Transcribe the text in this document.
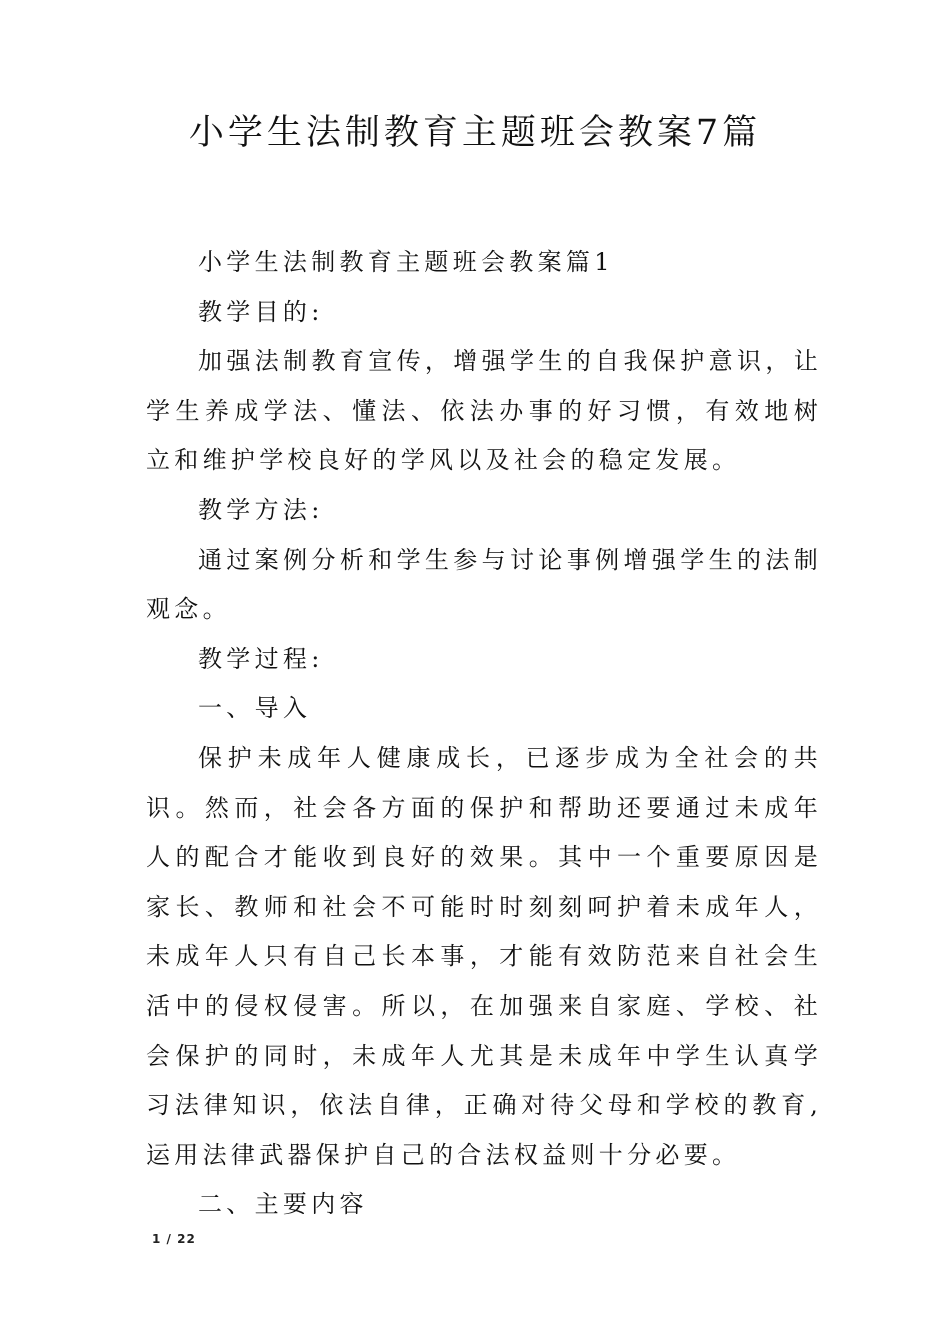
小学生法制教育主题班会教案7篇

小学生法制教育主题班会教案篇1

教学目的:

加强法制教育宣传，增强学生的自我保护意识，让学生养成学法、懂法、依法办事的好习惯，有效地树立和维护学校良好的学风以及社会的稳定发展。

教学方法:

通过案例分析和学生参与讨论事例增强学生的法制观念。

教学过程:

一、导入

保护未成年人健康成长，已逐步成为全社会的共识。然而，社会各方面的保护和帮助还要通过未成年人的配合才能收到良好的效果。其中一个重要原因是家长、教师和社会不可能时时刻刻呵护着未成年人，未成年人只有自己长本事，才能有效防范来自社会生活中的侵权侵害。所以，在加强来自家庭、学校、社会保护的同时，未成年人尤其是未成年中学生认真学习法律知识，依法自律，正确对待父母和学校的教育,运用法律武器保护自己的合法权益则十分必要。

二、主要内容

1 / 22
